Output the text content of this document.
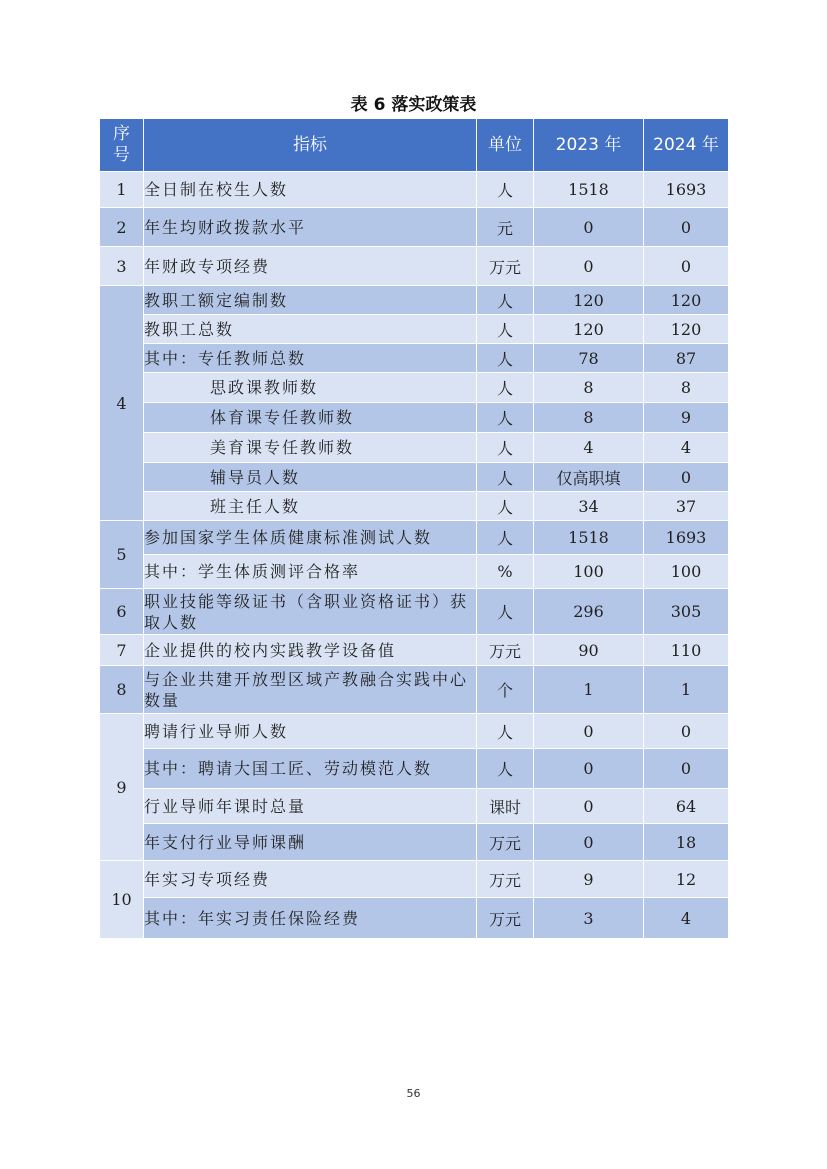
表 6 落实政策表
序号	指标	单位	2023 年	2024 年
1	全日制在校生人数	人	1518	1693
2	年生均财政拨款水平	元	0	0
3	年财政专项经费	万元	0	0
4	教职工额定编制数	人	120	120
	教职工总数	人	120	120
	其中：专任教师总数	人	78	87
	思政课教师数	人	8	8
	体育课专任教师数	人	8	9
	美育课专任教师数	人	4	4
	辅导员人数	人	仅高职填	0
	班主任人数	人	34	37
5	参加国家学生体质健康标准测试人数	人	1518	1693
	其中：学生体质测评合格率	%	100	100
6	职业技能等级证书（含职业资格证书）获取人数	人	296	305
7	企业提供的校内实践教学设备值	万元	90	110
8	与企业共建开放型区域产教融合实践中心数量	个	1	1
9	聘请行业导师人数	人	0	0
	其中：聘请大国工匠、劳动模范人数	人	0	0
	行业导师年课时总量	课时	0	64
	年支付行业导师课酬	万元	0	18
10	年实习专项经费	万元	9	12
	其中：年实习责任保险经费	万元	3	4
56
